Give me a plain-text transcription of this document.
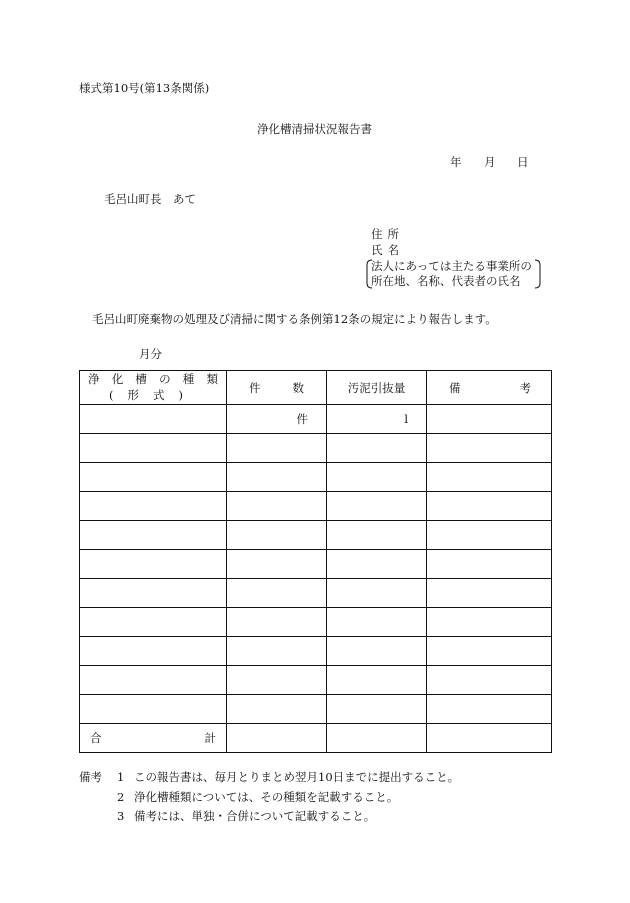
様式第10号(第13条関係)
浄化槽清掃状況報告書
年 月 日
毛呂山町長　あて
住所
氏名
法人にあっては主たる事業所の
所在地、名称、代表者の氏名
毛呂山町廃棄物の処理及び清掃に関する条例第12条の規定により報告します。
月分
浄化槽の種類
(形式)	件 数	汚泥引抜量	備 考

	件	l	

合 計			

備考	1 この報告書は、毎月とりまとめ翌月10日までに提出すること。
2 浄化槽種類については、その種類を記載すること。
3 備考には、単独・合併について記載すること。
